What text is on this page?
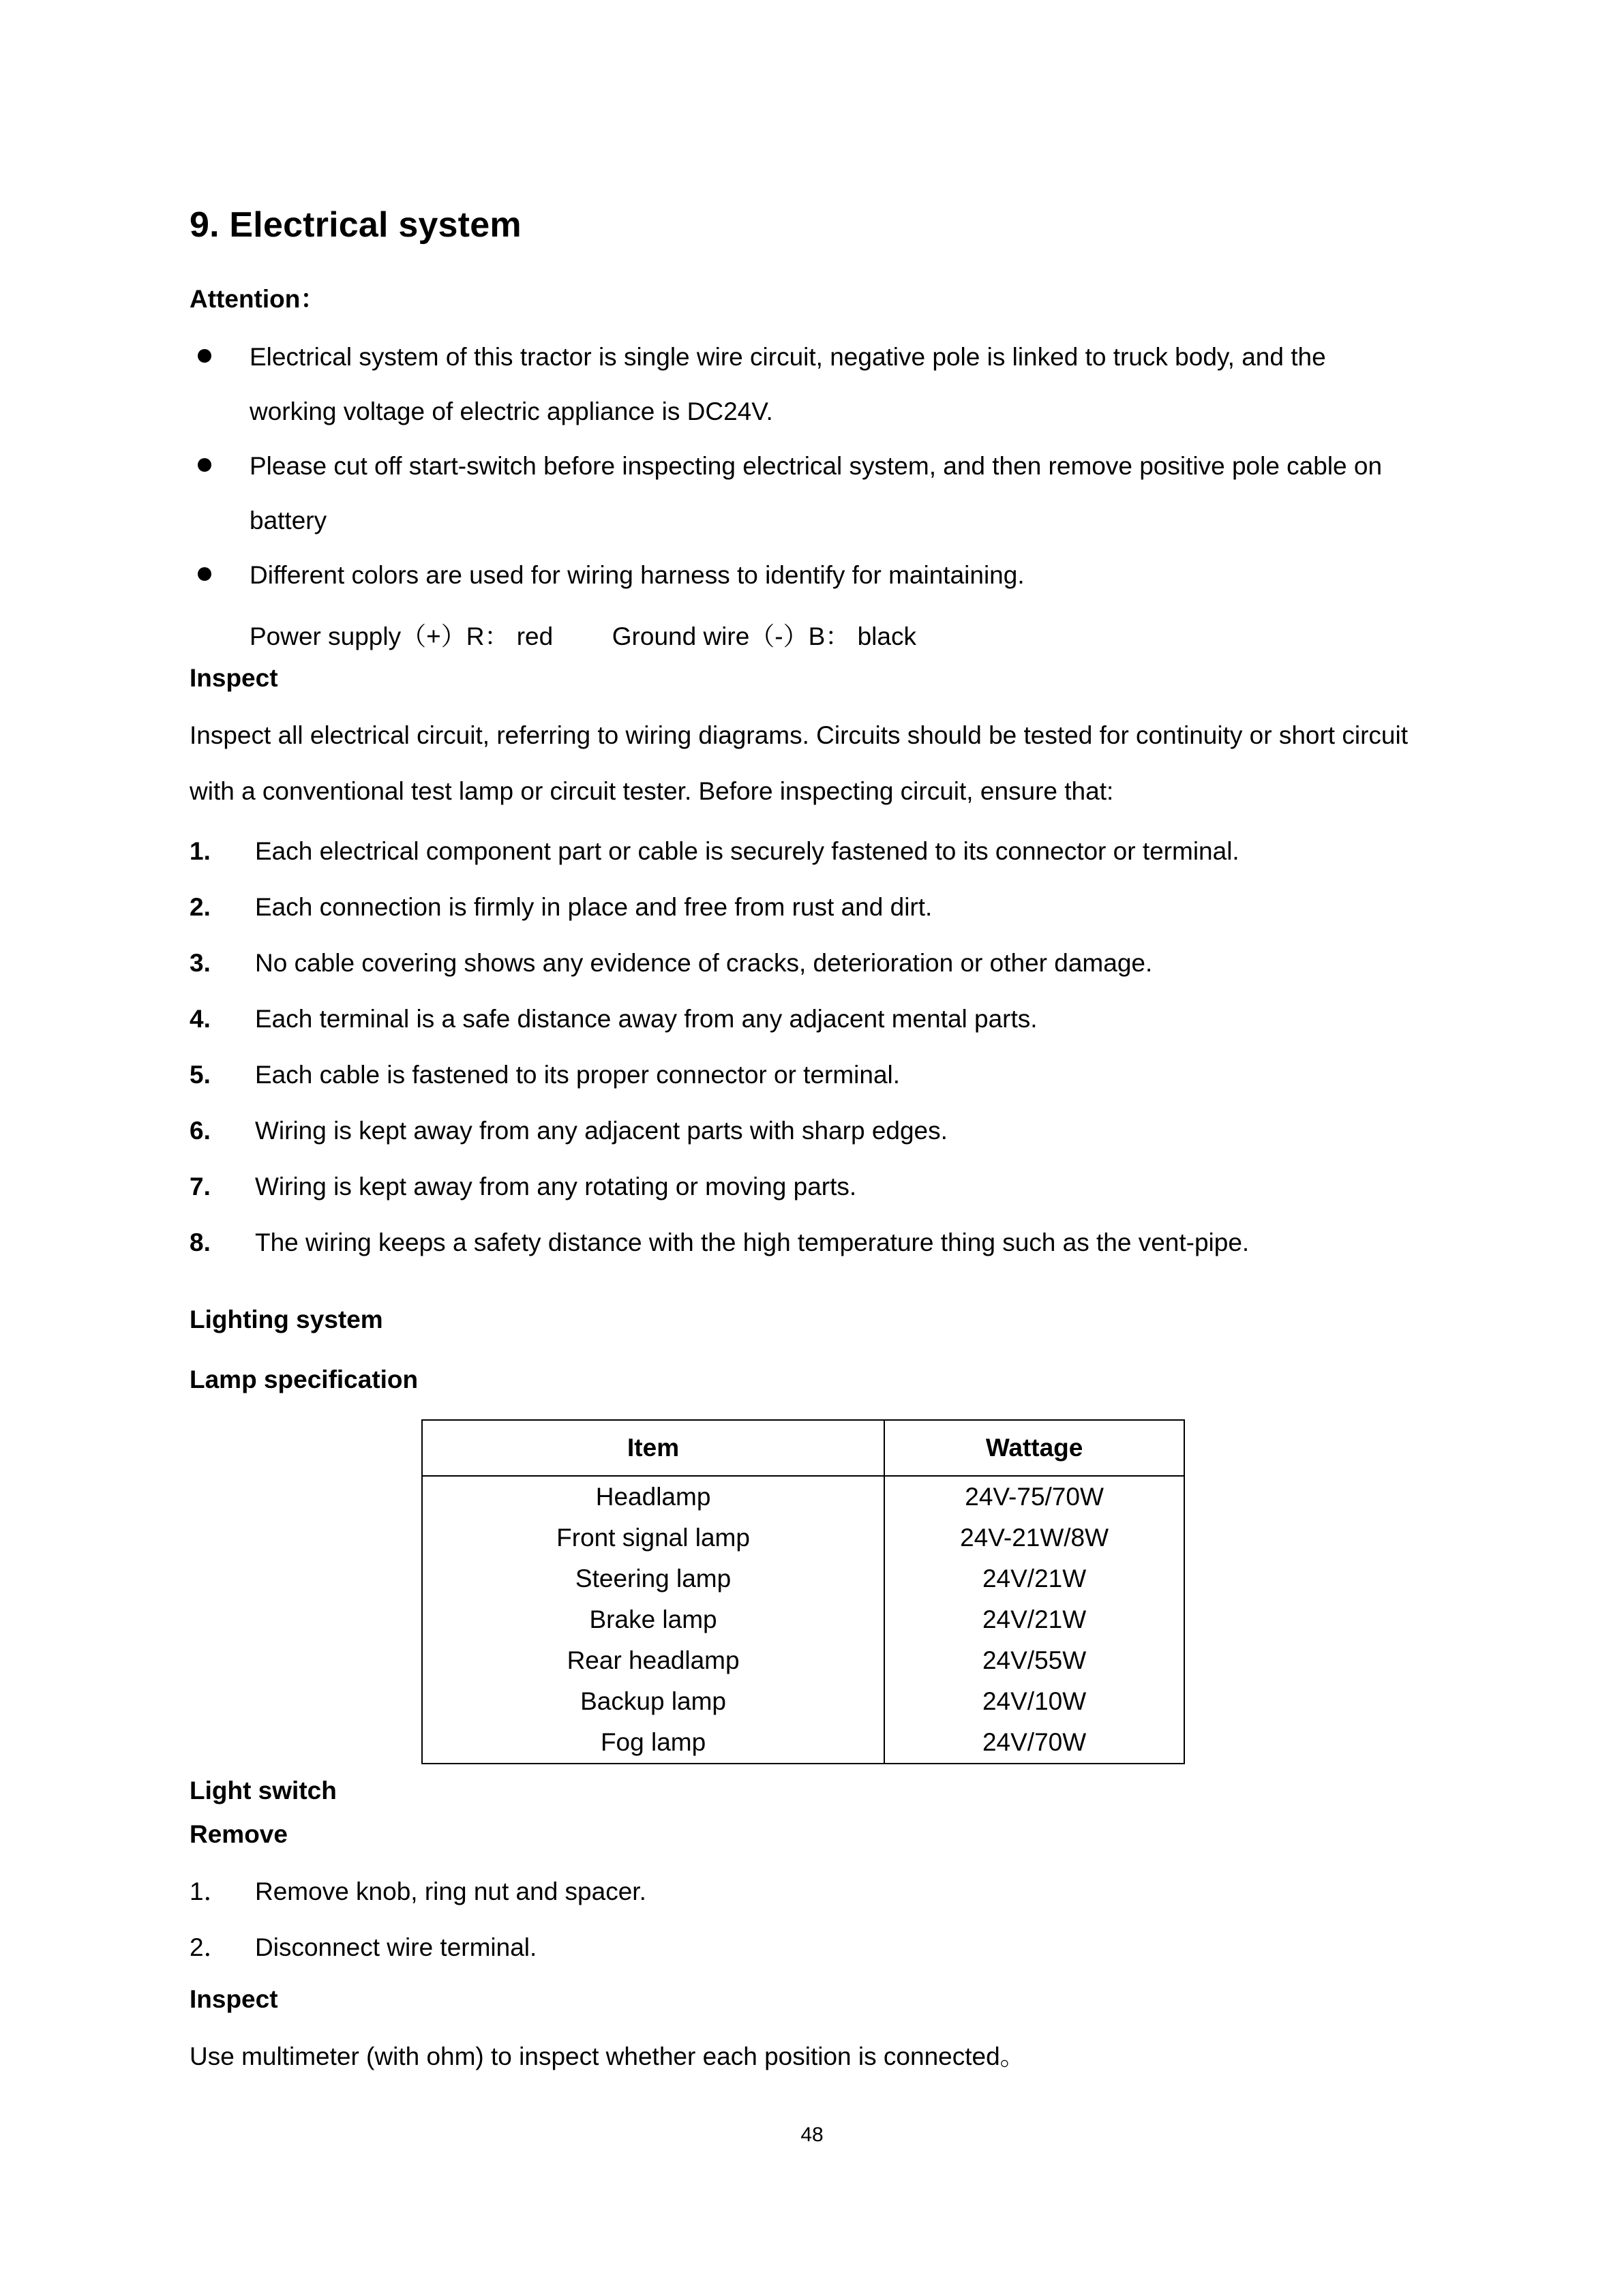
9. Electrical system
Attention：
Electrical system of this tractor is single wire circuit, negative pole is linked to truck body, and the working voltage of electric appliance is DC24V.
Please cut off start-switch before inspecting electrical system, and then remove positive pole cable on battery
Different colors are used for wiring harness to identify for maintaining.
Power supply（+）R： red Ground wire（-）B： black
Inspect

Inspect all electrical circuit, referring to wiring diagrams. Circuits should be tested for continuity or short circuit with a conventional test lamp or circuit tester. Before inspecting circuit, ensure that:

1. Each electrical component part or cable is securely fastened to its connector or terminal.
2. Each connection is firmly in place and free from rust and dirt.
3. No cable covering shows any evidence of cracks, deterioration or other damage.
4. Each terminal is a safe distance away from any adjacent mental parts.
5. Each cable is fastened to its proper connector or terminal.
6. Wiring is kept away from any adjacent parts with sharp edges.
7. Wiring is kept away from any rotating or moving parts.
8. The wiring keeps a safety distance with the high temperature thing such as the vent-pipe.
Lighting system
Lamp specification
Item	Wattage
Headlamp	24V-75/70W
Front signal lamp	24V-21W/8W
Steering lamp	24V/21W
Brake lamp	24V/21W
Rear headlamp	24V/55W
Backup lamp	24V/10W
Fog lamp	24V/70W
Light switch
Remove
1． Remove knob, ring nut and spacer.
2． Disconnect wire terminal.
Inspect

Use multimeter (with ohm) to inspect whether each position is connected。

48
